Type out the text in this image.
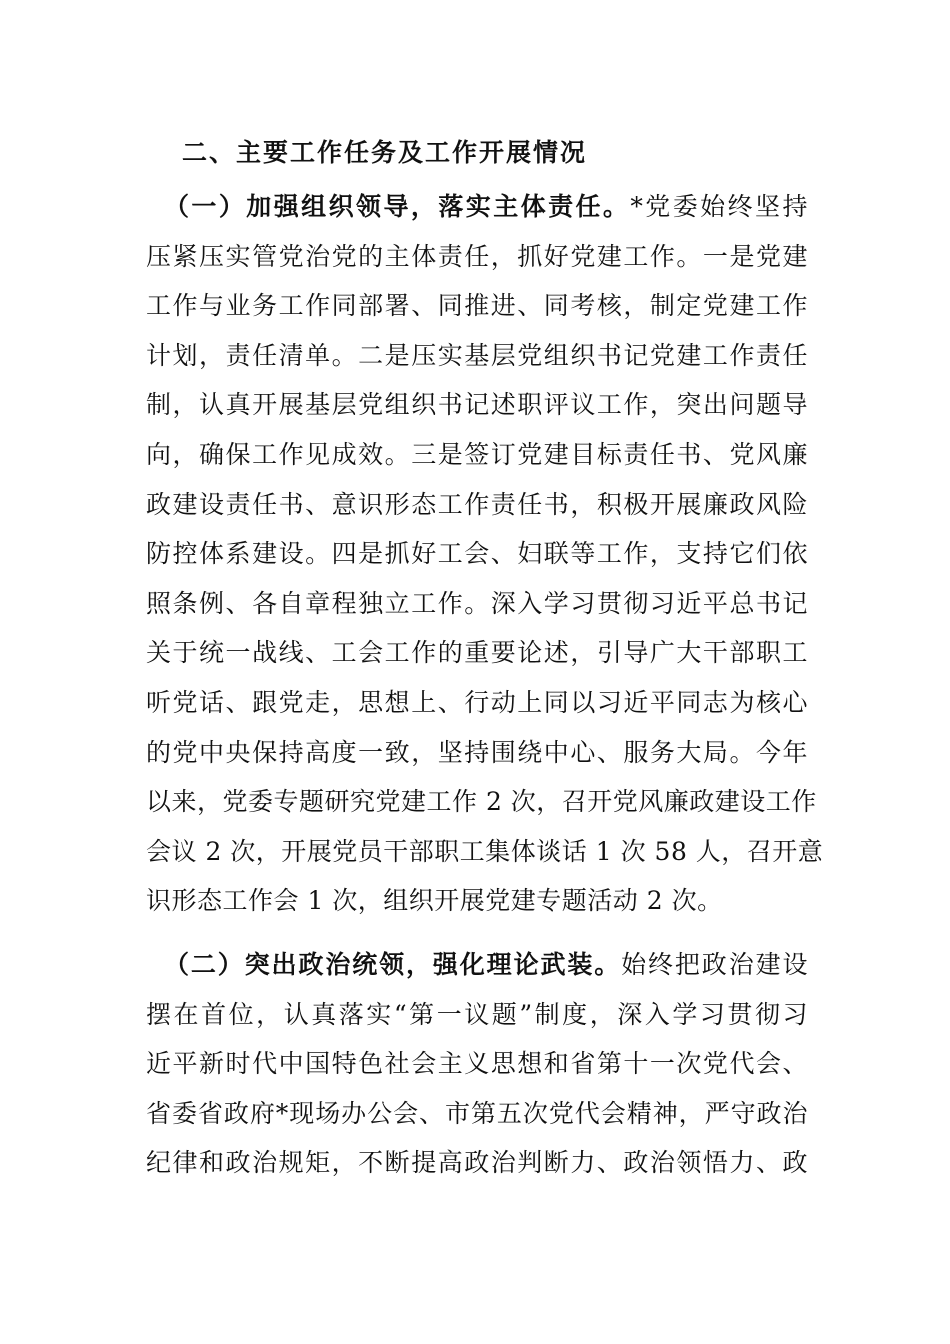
二、主要工作任务及工作开展情况
（一）加强组织领导，落实主体责任。*党委始终坚持
压紧压实管党治党的主体责任，抓好党建工作。一是党建
工作与业务工作同部署、同推进、同考核，制定党建工作
计划，责任清单。二是压实基层党组织书记党建工作责任
制，认真开展基层党组织书记述职评议工作，突出问题导
向，确保工作见成效。三是签订党建目标责任书、党风廉
政建设责任书、意识形态工作责任书，积极开展廉政风险
防控体系建设。四是抓好工会、妇联等工作，支持它们依
照条例、各自章程独立工作。深入学习贯彻习近平总书记
关于统一战线、工会工作的重要论述，引导广大干部职工
听党话、跟党走，思想上、行动上同以习近平同志为核心
的党中央保持高度一致，坚持围绕中心、服务大局。今年
以来，党委专题研究党建工作 2 次，召开党风廉政建设工作
会议 2 次，开展党员干部职工集体谈话 1 次 58 人，召开意
识形态工作会 1 次，组织开展党建专题活动 2 次。
（二）突出政治统领，强化理论武装。始终把政治建设
摆在首位，认真落实“第一议题”制度，深入学习贯彻习
近平新时代中国特色社会主义思想和省第十一次党代会、
省委省政府*现场办公会、市第五次党代会精神，严守政治
纪律和政治规矩，不断提高政治判断力、政治领悟力、政
